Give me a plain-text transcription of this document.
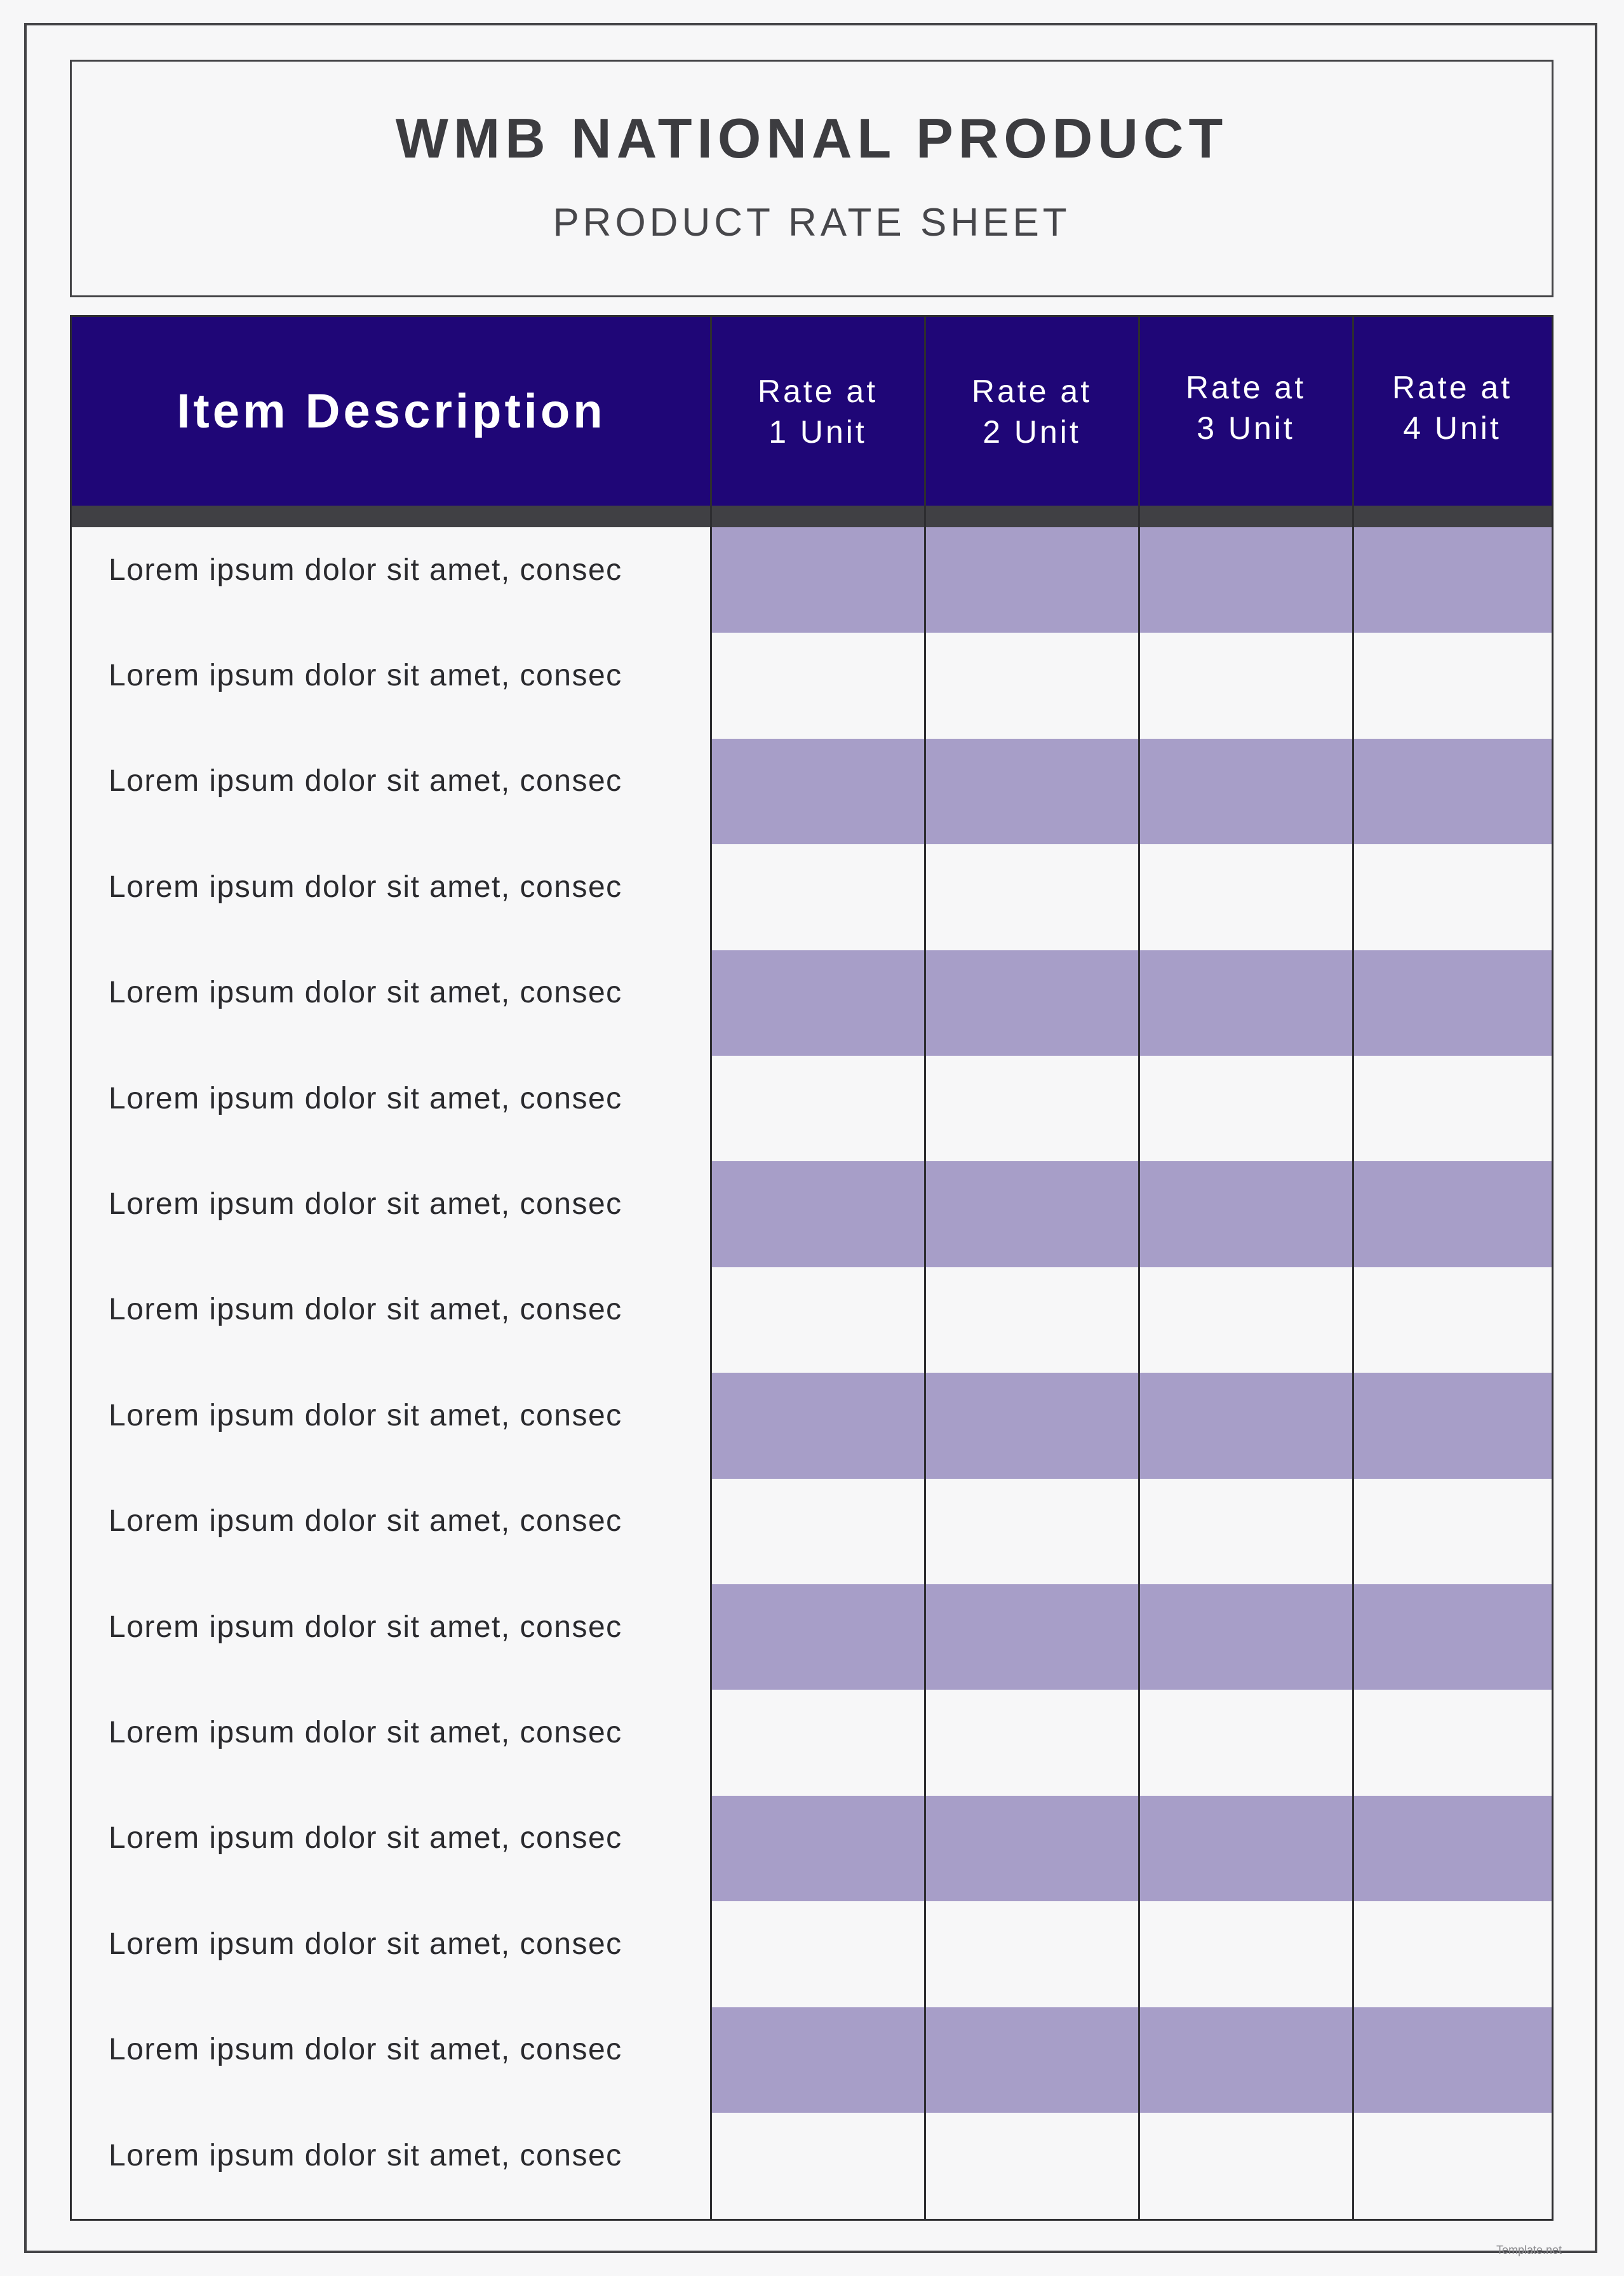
WMB NATIONAL PRODUCT
PRODUCT RATE SHEET
Item Description	Rate at
1 Unit
Rate at
2 Unit
Rate at
3 Unit
Rate at
4 Unit
Lorem ipsum dolor sit amet, consec
Lorem ipsum dolor sit amet, consec
Lorem ipsum dolor sit amet, consec
Lorem ipsum dolor sit amet, consec
Lorem ipsum dolor sit amet, consec
Lorem ipsum dolor sit amet, consec
Lorem ipsum dolor sit amet, consec
Lorem ipsum dolor sit amet, consec
Lorem ipsum dolor sit amet, consec
Lorem ipsum dolor sit amet, consec
Lorem ipsum dolor sit amet, consec
Lorem ipsum dolor sit amet, consec
Lorem ipsum dolor sit amet, consec
Lorem ipsum dolor sit amet, consec
Lorem ipsum dolor sit amet, consec
Lorem ipsum dolor sit amet, consec
Template.net
